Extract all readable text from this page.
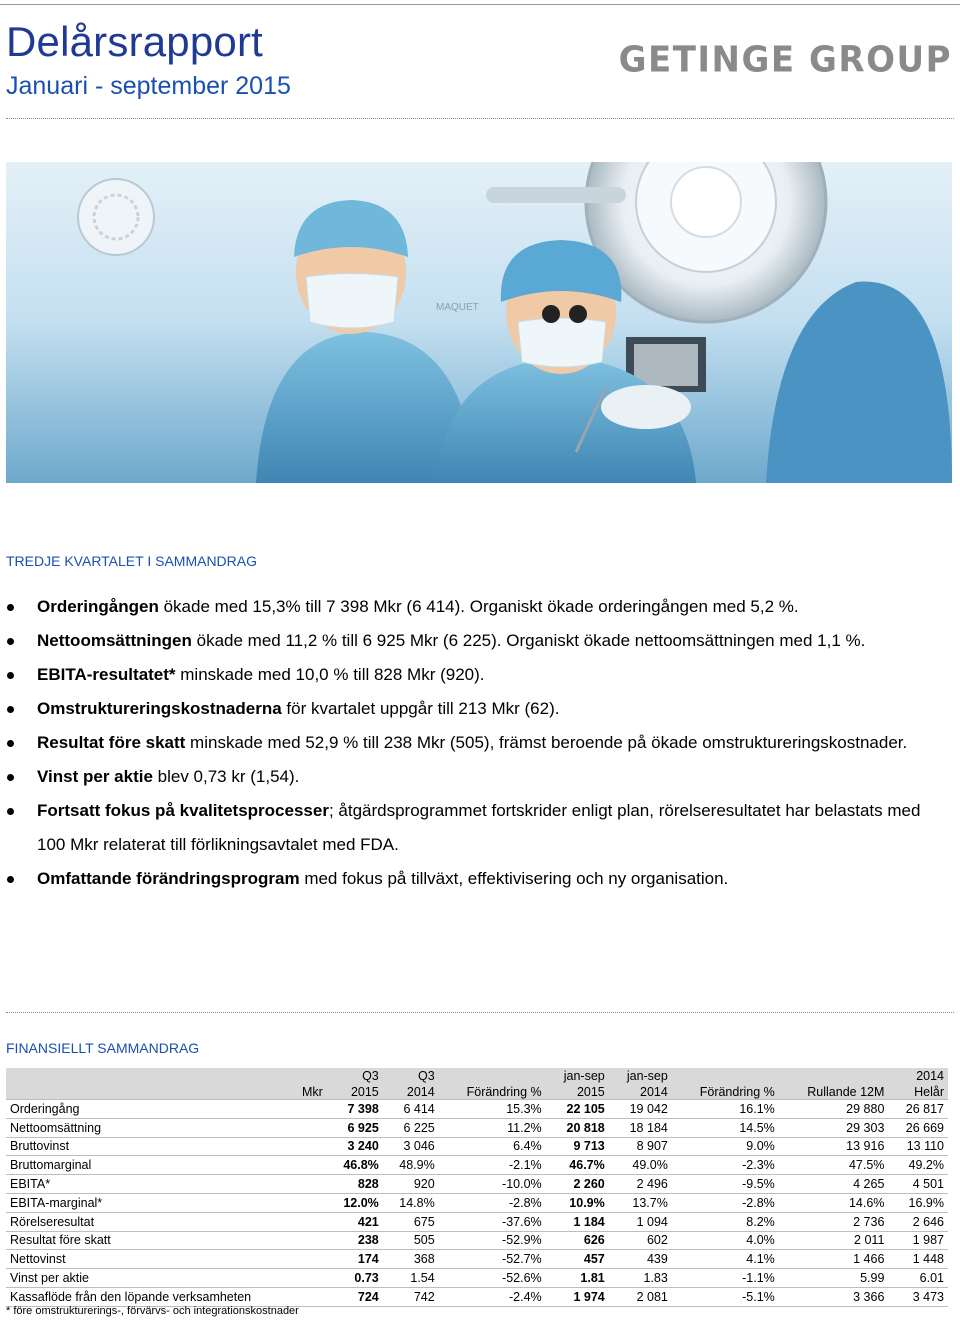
Delårsrapport
Januari - september 2015
GETINGE GROUP
MAQUET
TREDJE KVARTALET I SAMMANDRAG
Orderingången ökade med 15,3% till 7 398 Mkr (6 414). Organiskt ökade orderingången med 5,2 %.
Nettoomsättningen ökade med 11,2 % till 6 925 Mkr (6 225). Organiskt ökade nettoomsättningen med 1,1 %.
EBITA-resultatet* minskade med 10,0 % till 828 Mkr (920).
Omstruktureringskostnaderna för kvartalet uppgår till 213 Mkr (62).
Resultat före skatt minskade med 52,9 % till 238 Mkr (505), främst beroende på ökade omstruktureringskostnader.
Vinst per aktie blev 0,73 kr (1,54).
Fortsatt fokus på kvalitetsprocesser; åtgärdsprogrammet fortskrider enligt plan, rörelseresultatet har belastats med 100 Mkr relaterat till förlikningsavtalet med FDA.
Omfattande förändringsprogram med fokus på tillväxt, effektivisering och ny organisation.
FINANSIELLT SAMMANDRAG
	Q3	Q3		jan-sep	jan-sep			2014
Mkr	2015	2014	Förändring %	2015	2014	Förändring %	Rullande 12M	Helår
Orderingång	7 398	6 414	15.3%	22 105	19 042	16.1%	29 880	26 817
Nettoomsättning	6 925	6 225	11.2%	20 818	18 184	14.5%	29 303	26 669
Bruttovinst	3 240	3 046	6.4%	9 713	8 907	9.0%	13 916	13 110
Bruttomarginal	46.8%	48.9%	-2.1%	46.7%	49.0%	-2.3%	47.5%	49.2%
EBITA*	828	920	-10.0%	2 260	2 496	-9.5%	4 265	4 501
EBITA-marginal*	12.0%	14.8%	-2.8%	10.9%	13.7%	-2.8%	14.6%	16.9%
Rörelseresultat	421	675	-37.6%	1 184	1 094	8.2%	2 736	2 646
Resultat före skatt	238	505	-52.9%	626	602	4.0%	2 011	1 987
Nettovinst	174	368	-52.7%	457	439	4.1%	1 466	1 448
Vinst per aktie	0.73	1.54	-52.6%	1.81	1.83	-1.1%	5.99	6.01
Kassaflöde från den löpande verksamheten	724	742	-2.4%	1 974	2 081	-5.1%	3 366	3 473
* före omstrukturerings-, förvärvs- och integrationskostnader
